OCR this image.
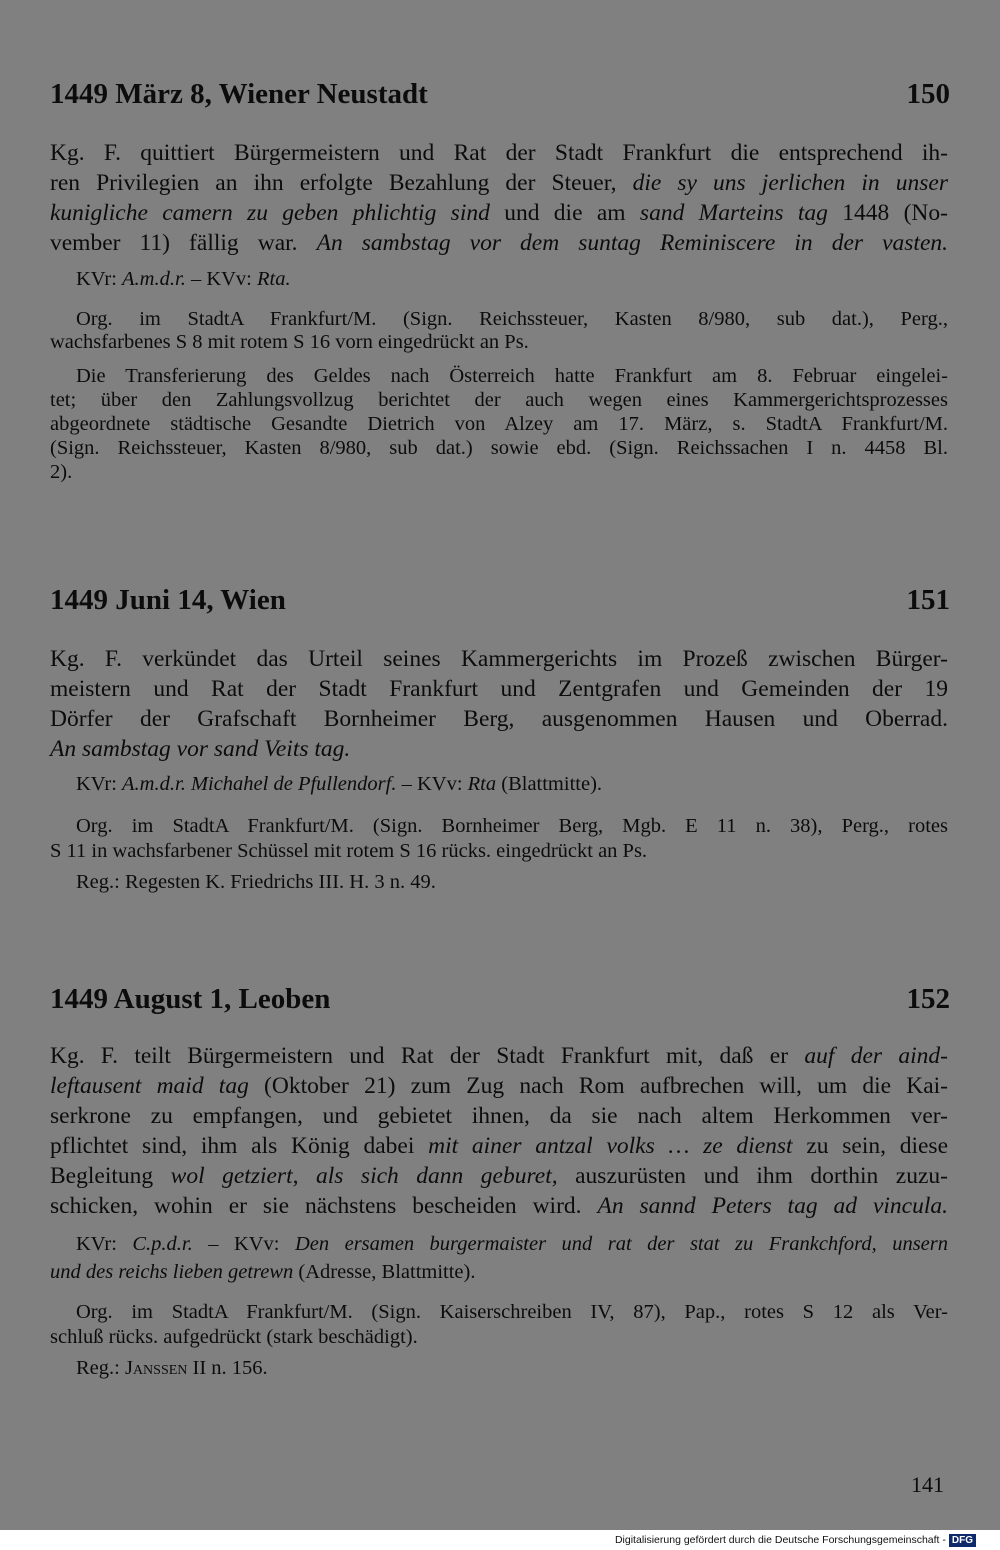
1449 März 8, Wiener Neustadt	150
Kg. F. quittiert Bürgermeistern und Rat der Stadt Frankfurt die entsprechend ih-
ren Privilegien an ihn erfolgte Bezahlung der Steuer, die sy uns jerlichen in unser
kunigliche camern zu geben phlichtig sind und die am sand Marteins tag 1448 (No-
vember 11) fällig war. An sambstag vor dem suntag Reminiscere in der vasten.
KVr: A.m.d.r. – KVv: Rta.
Org. im StadtA Frankfurt/M. (Sign. Reichssteuer, Kasten 8/980, sub dat.), Perg.,
wachsfarbenes S 8 mit rotem S 16 vorn eingedrückt an Ps.
Die Transferierung des Geldes nach Österreich hatte Frankfurt am 8. Februar eingelei-
tet; über den Zahlungsvollzug berichtet der auch wegen eines Kammergerichtsprozesses
abgeordnete städtische Gesandte Dietrich von Alzey am 17. März, s. StadtA Frankfurt/M.
(Sign. Reichssteuer, Kasten 8/980, sub dat.) sowie ebd. (Sign. Reichssachen I n. 4458 Bl.
2).
1449 Juni 14, Wien	151
Kg. F. verkündet das Urteil seines Kammergerichts im Prozeß zwischen Bürger-
meistern und Rat der Stadt Frankfurt und Zentgrafen und Gemeinden der 19
Dörfer der Grafschaft Bornheimer Berg, ausgenommen Hausen und Oberrad.
An sambstag vor sand Veits tag.
KVr: A.m.d.r. Michahel de Pfullendorf. – KVv: Rta (Blattmitte).
Org. im StadtA Frankfurt/M. (Sign. Bornheimer Berg, Mgb. E 11 n. 38), Perg., rotes
S 11 in wachsfarbener Schüssel mit rotem S 16 rücks. eingedrückt an Ps.
Reg.: Regesten K. Friedrichs III. H. 3 n. 49.
1449 August 1, Leoben	152
Kg. F. teilt Bürgermeistern und Rat der Stadt Frankfurt mit, daß er auf der aind-
leftausent maid tag (Oktober 21) zum Zug nach Rom aufbrechen will, um die Kai-
serkrone zu empfangen, und gebietet ihnen, da sie nach altem Herkommen ver-
pflichtet sind, ihm als König dabei mit ainer antzal volks … ze dienst zu sein, diese
Begleitung wol getziert, als sich dann geburet, auszurüsten und ihm dorthin zuzu-
schicken, wohin er sie nächstens bescheiden wird. An sannd Peters tag ad vincula.
KVr: C.p.d.r. – KVv: Den ersamen burgermaister und rat der stat zu Frankchford, unsern
und des reichs lieben getrewn (Adresse, Blattmitte).
Org. im StadtA Frankfurt/M. (Sign. Kaiserschreiben IV, 87), Pap., rotes S 12 als Ver-
schluß rücks. aufgedrückt (stark beschädigt).
Reg.: Janssen II n. 156.
141
Digitalisierung gefördert durch die Deutsche Forschungsgemeinschaft - DFG
